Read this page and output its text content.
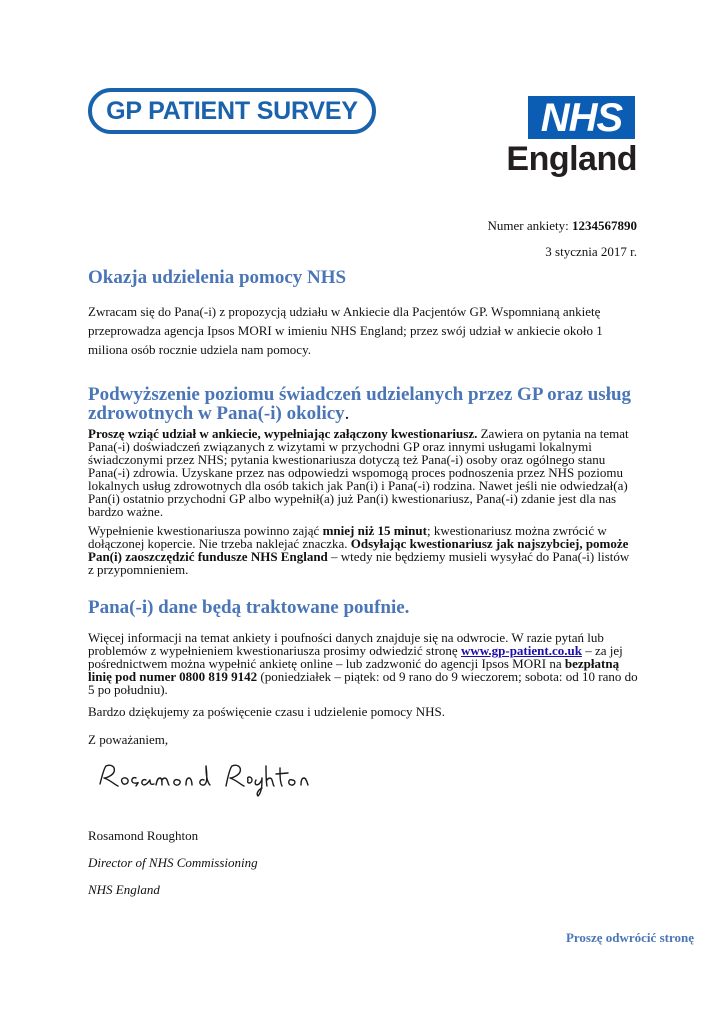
GP PATIENT SURVEY	NHS
England
Numer ankiety: 1234567890
3 stycznia 2017 r.
Okazja udzielenia pomocy NHS

Zwracam się do Pana(-i) z propozycją udziału w Ankiecie dla Pacjentów GP. Wspomnianą ankietę przeprowadza agencja Ipsos MORI w imieniu NHS England; przez swój udział w ankiecie około 1 miliona osób rocznie udziela nam pomocy.

Podwyższenie poziomu świadczeń udzielanych przez GP oraz usług zdrowotnych w Pana(-i) okolicy.

Proszę wziąć udział w ankiecie, wypełniając załączony kwestionariusz. Zawiera on pytania na temat Pana(-i) doświadczeń związanych z wizytami w przychodni GP oraz innymi usługami lokalnymi świadczonymi przez NHS; pytania kwestionariusza dotyczą też Pana(-i) osoby oraz ogólnego stanu Pana(-i) zdrowia. Uzyskane przez nas odpowiedzi wspomogą proces podnoszenia przez NHS poziomu lokalnych usług zdrowotnych dla osób takich jak Pan(i) i Pana(-i) rodzina. Nawet jeśli nie odwiedzał(a) Pan(i) ostatnio przychodni GP albo wypełnił(a) już Pan(i) kwestionariusz, Pana(-i) zdanie jest dla nas bardzo ważne.

Wypełnienie kwestionariusza powinno zająć mniej niż 15 minut; kwestionariusz można zwrócić w dołączonej kopercie. Nie trzeba naklejać znaczka. Odsyłając kwestionariusz jak najszybciej, pomoże Pan(i) zaoszczędzić fundusze NHS England – wtedy nie będziemy musieli wysyłać do Pana(-i) listów z przypomnieniem.

Pana(-i) dane będą traktowane poufnie.

Więcej informacji na temat ankiety i poufności danych znajduje się na odwrocie. W razie pytań lub problemów z wypełnieniem kwestionariusza prosimy odwiedzić stronę www.gp-patient.co.uk – za jej pośrednictwem można wypełnić ankietę online – lub zadzwonić do agencji Ipsos MORI na bezpłatną linię pod numer 0800 819 9142 (poniedziałek – piątek: od 9 rano do 9 wieczorem; sobota: od 10 rano do 5 po południu).

Bardzo dziękujemy za poświęcenie czasu i udzielenie pomocy NHS.

Z poważaniem,

Rosamond Roughton

Director of NHS Commissioning

NHS England

Proszę odwrócić stronę
